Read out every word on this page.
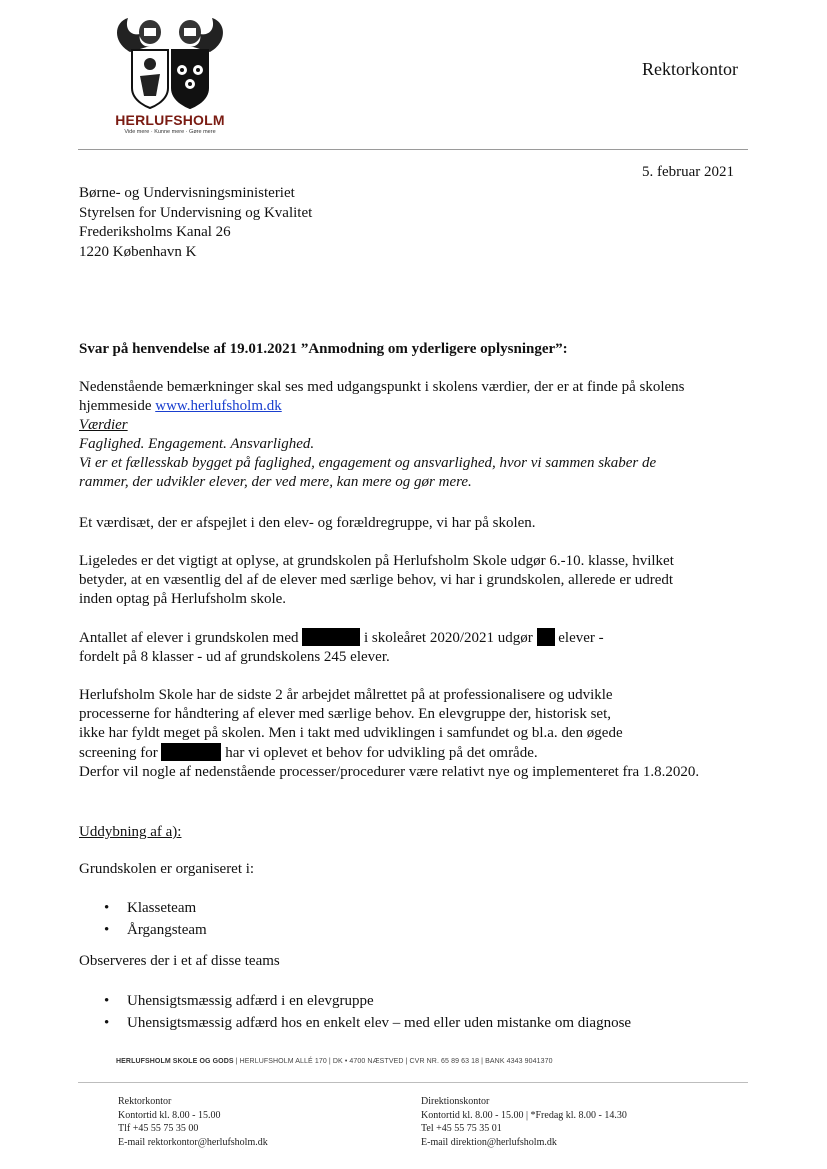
HERLUFSHOLM
Vide mere · Kunne mere · Gøre mere
Rektorkontor
5. februar 2021
Børne- og Undervisningsministeriet
Styrelsen for Undervisning og Kvalitet
Frederiksholms Kanal 26
1220 København K
Svar på henvendelse af 19.01.2021 ”Anmodning om yderligere oplysninger”:

Nedenstående bemærkninger skal ses med udgangspunkt i skolens værdier, der er at finde på skolens hjemmeside www.herlufsholm.dk

Værdier

Faglighed. Engagement. Ansvarlighed.

Vi er et fællesskab bygget på faglighed, engagement og ansvarlighed, hvor vi sammen skaber de rammer, der udvikler elever, der ved mere, kan mere og gør mere.

Et værdisæt, der er afspejlet i den elev- og forældregruppe, vi har på skolen.
Ligeledes er det vigtigt at oplyse, at grundskolen på Herlufsholm Skole udgør 6.-10. klasse, hvilket betyder, at en væsentlig del af de elever med særlige behov, vi har i grundskolen, allerede er udredt inden optag på Herlufsholm skole.

Antallet af elever i grundskolen med	i skoleåret 2020/2021 udgør elever -

fordelt på 8 klasser - ud af grundskolens 245 elever.

Herlufsholm Skole har de sidste 2 år arbejdet målrettet på at professionalisere og udvikle

processerne for håndtering af elever med særlige behov. En elevgruppe der, historisk set,

ikke har fyldt meget på skolen. Men i takt med udviklingen i samfundet og bl.a. den øgede

screening for	har vi oplevet et behov for udvikling på det område.

Derfor vil nogle af nedenstående processer/procedurer være relativt nye og implementeret fra 1.8.2020.

Uddybning af a):
Grundskolen er organiseret i:
• Klasseteam
• Årgangsteam
Observeres der i et af disse teams
• Uhensigtsmæssig adfærd i en elevgruppe
• Uhensigtsmæssig adfærd hos en enkelt elev – med eller uden mistanke om diagnose
HERLUFSHOLM SKOLE OG GODS | HERLUFSHOLM ALLÉ 170 | DK • 4700 NÆSTVED | CVR NR. 65 89 63 18 | BANK 4343 9041370
Rektorkontor
Kontortid kl. 8.00 - 15.00
Tlf +45 55 75 35 00
E-mail rektorkontor@herlufsholm.dk
Direktionskontor
Kontortid kl. 8.00 - 15.00 | *Fredag kl. 8.00 - 14.30
Tel +45 55 75 35 01
E-mail direktion@herlufsholm.dk
